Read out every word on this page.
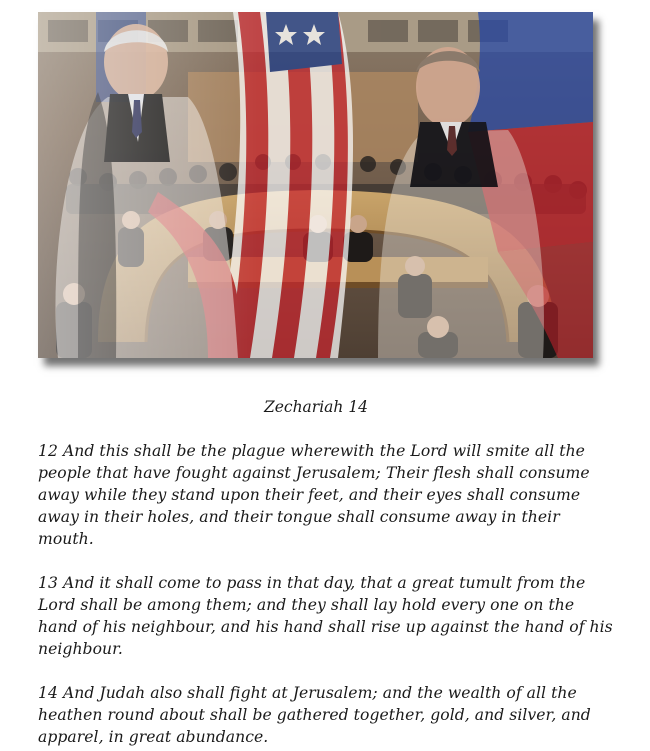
Zechariah 14

12 And this shall be the plague wherewith the Lord will smite all the people that have fought against Jerusalem; Their flesh shall consume away while they stand upon their feet, and their eyes shall consume away in their holes, and their tongue shall consume away in their mouth.

13 And it shall come to pass in that day, that a great tumult from the Lord shall be among them; and they shall lay hold every one on the hand of his neighbour, and his hand shall rise up against the hand of his neighbour.

14 And Judah also shall fight at Jerusalem; and the wealth of all the heathen round about shall be gathered together, gold, and silver, and apparel, in great abundance.
